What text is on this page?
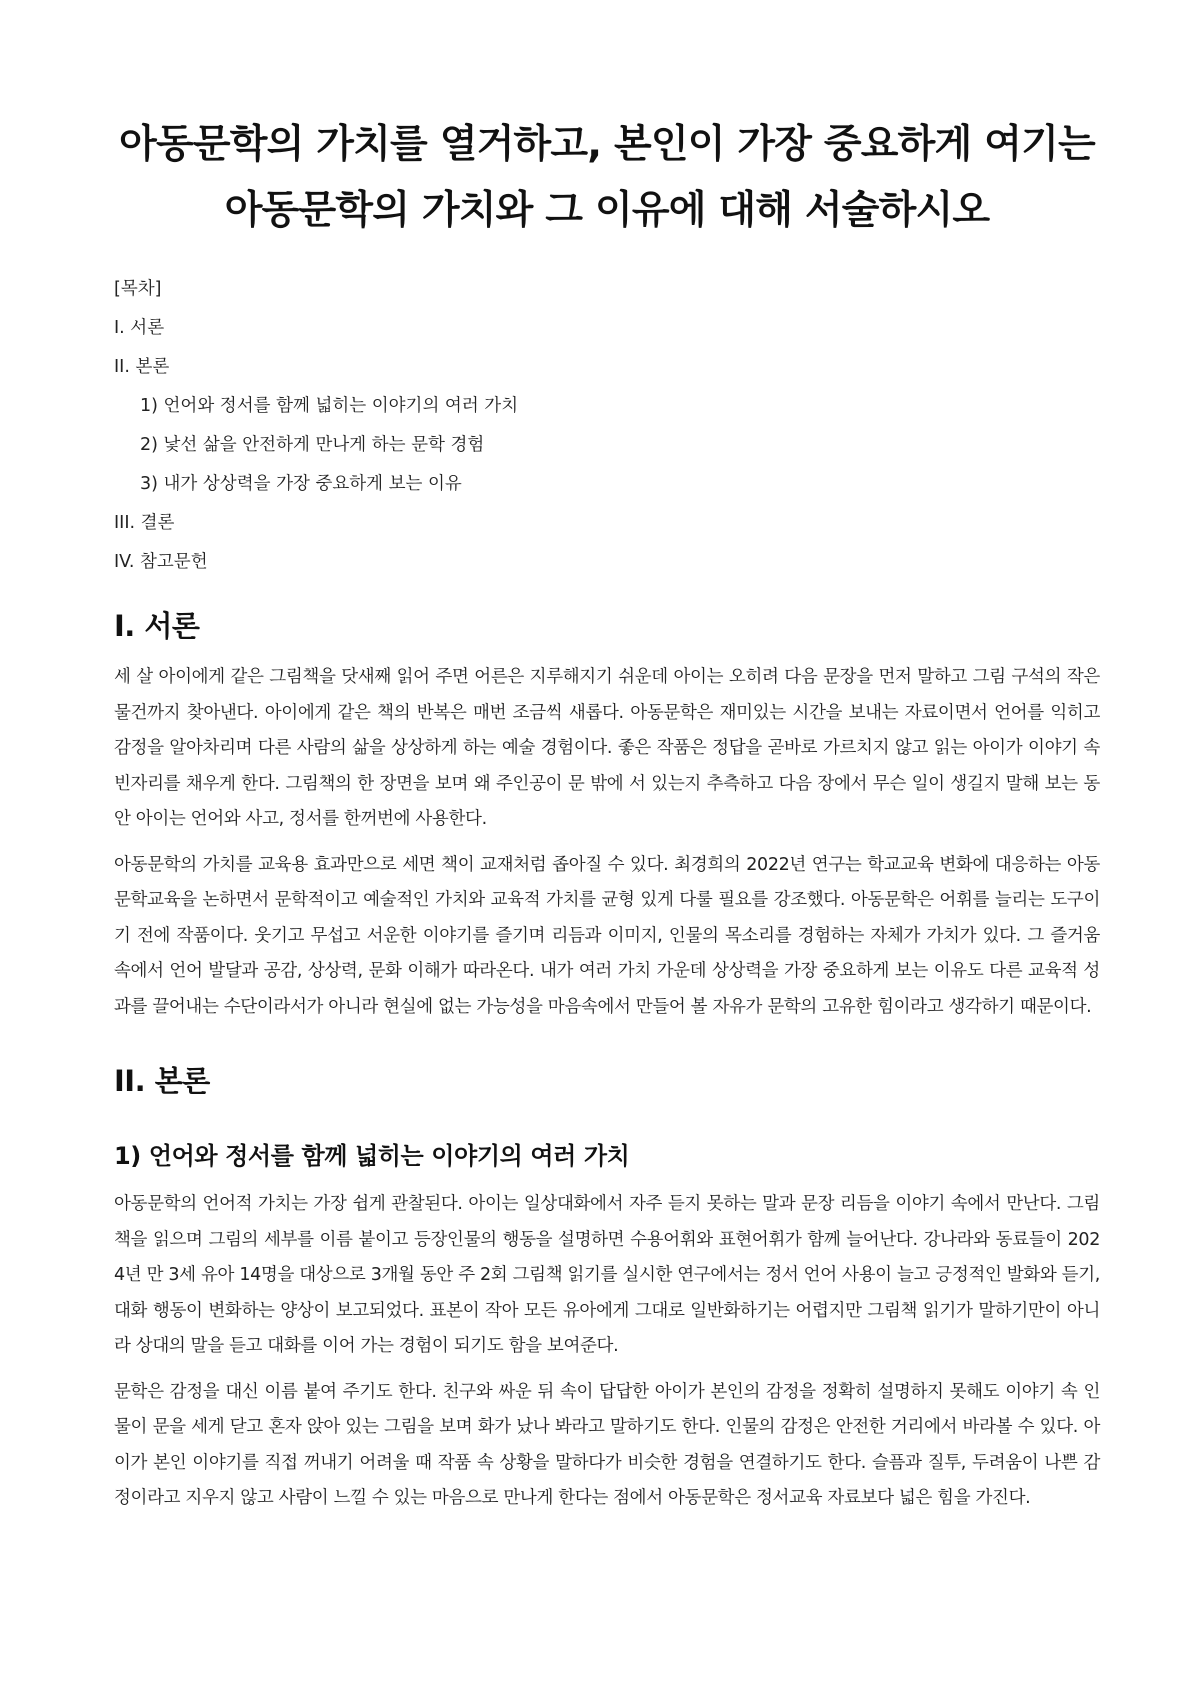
아동문학의 가치를 열거하고, 본인이 가장 중요하게 여기는 아동문학의 가치와 그 이유에 대해 서술하시오
[목차]
I. 서론
II. 본론
1) 언어와 정서를 함께 넓히는 이야기의 여러 가치
2) 낯선 삶을 안전하게 만나게 하는 문학 경험
3) 내가 상상력을 가장 중요하게 보는 이유
III. 결론
IV. 참고문헌
I. 서론

세 살 아이에게 같은 그림책을 닷새째 읽어 주면 어른은 지루해지기 쉬운데 아이는 오히려 다음 문장을 먼저 말하고 그림 구석의 작은 물건까지 찾아낸다. 아이에게 같은 책의 반복은 매번 조금씩 새롭다. 아동문학은 재미있는 시간을 보내는 자료이면서 언어를 익히고 감정을 알아차리며 다른 사람의 삶을 상상하게 하는 예술 경험이다. 좋은 작품은 정답을 곧바로 가르치지 않고 읽는 아이가 이야기 속 빈자리를 채우게 한다. 그림책의 한 장면을 보며 왜 주인공이 문 밖에 서 있는지 추측하고 다음 장에서 무슨 일이 생길지 말해 보는 동안 아이는 언어와 사고, 정서를 한꺼번에 사용한다.

아동문학의 가치를 교육용 효과만으로 세면 책이 교재처럼 좁아질 수 있다. 최경희의 2022년 연구는 학교교육 변화에 대응하는 아동문학교육을 논하면서 문학적이고 예술적인 가치와 교육적 가치를 균형 있게 다룰 필요를 강조했다. 아동문학은 어휘를 늘리는 도구이기 전에 작품이다. 웃기고 무섭고 서운한 이야기를 즐기며 리듬과 이미지, 인물의 목소리를 경험하는 자체가 가치가 있다. 그 즐거움 속에서 언어 발달과 공감, 상상력, 문화 이해가 따라온다. 내가 여러 가치 가운데 상상력을 가장 중요하게 보는 이유도 다른 교육적 성과를 끌어내는 수단이라서가 아니라 현실에 없는 가능성을 마음속에서 만들어 볼 자유가 문학의 고유한 힘이라고 생각하기 때문이다.

II. 본론
1) 언어와 정서를 함께 넓히는 이야기의 여러 가치

아동문학의 언어적 가치는 가장 쉽게 관찰된다. 아이는 일상대화에서 자주 듣지 못하는 말과 문장 리듬을 이야기 속에서 만난다. 그림책을 읽으며 그림의 세부를 이름 붙이고 등장인물의 행동을 설명하면 수용어휘와 표현어휘가 함께 늘어난다. 강나라와 동료들이 2024년 만 3세 유아 14명을 대상으로 3개월 동안 주 2회 그림책 읽기를 실시한 연구에서는 정서 언어 사용이 늘고 긍정적인 발화와 듣기, 대화 행동이 변화하는 양상이 보고되었다. 표본이 작아 모든 유아에게 그대로 일반화하기는 어렵지만 그림책 읽기가 말하기만이 아니라 상대의 말을 듣고 대화를 이어 가는 경험이 되기도 함을 보여준다.

문학은 감정을 대신 이름 붙여 주기도 한다. 친구와 싸운 뒤 속이 답답한 아이가 본인의 감정을 정확히 설명하지 못해도 이야기 속 인물이 문을 세게 닫고 혼자 앉아 있는 그림을 보며 화가 났나 봐라고 말하기도 한다. 인물의 감정은 안전한 거리에서 바라볼 수 있다. 아이가 본인 이야기를 직접 꺼내기 어려울 때 작품 속 상황을 말하다가 비슷한 경험을 연결하기도 한다. 슬픔과 질투, 두려움이 나쁜 감정이라고 지우지 않고 사람이 느낄 수 있는 마음으로 만나게 한다는 점에서 아동문학은 정서교육 자료보다 넓은 힘을 가진다.
